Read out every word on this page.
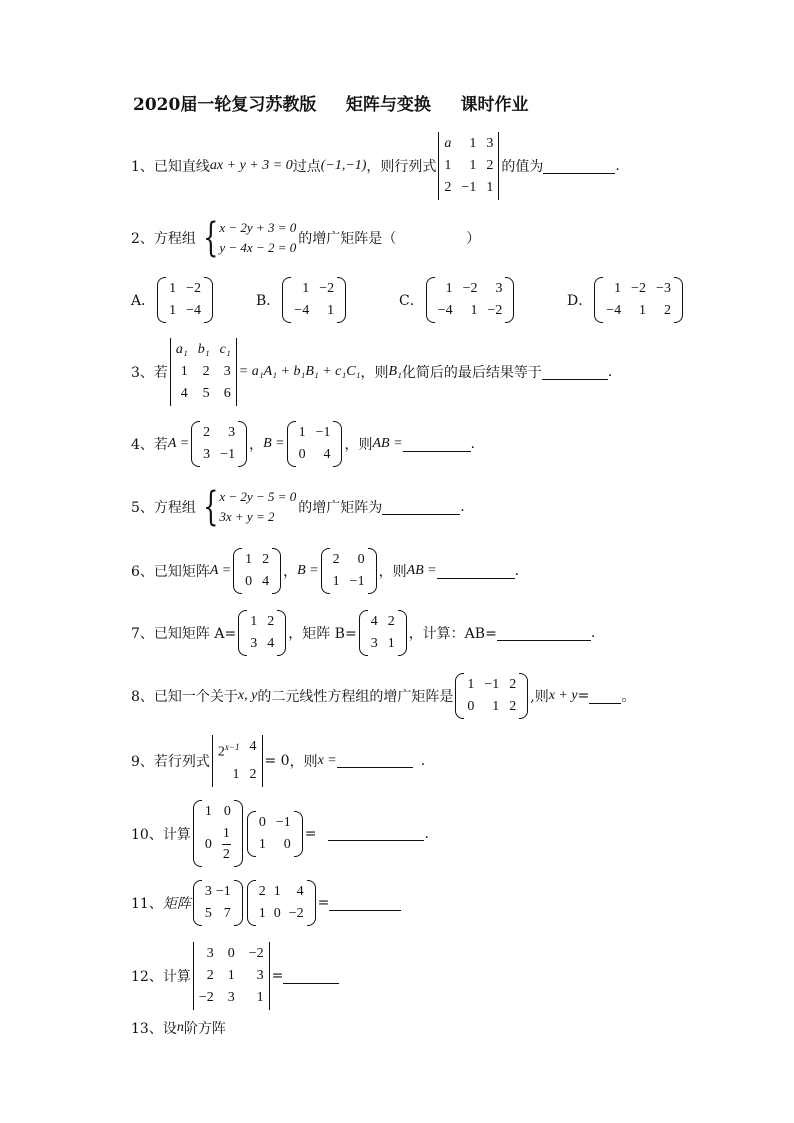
2020届一轮复习苏教版     矩阵与变换     课时作业
1、 已知直线 ax + y + 3 = 0 过点 (−1,−1) ，则行列式
a	1 3
1	1 2
2 −1 1
的值为	.
2、 方程组 { x − 2y + 3 = 0
y − 4x − 2 = 0
的增广矩阵是（	）
A．
1 −2
1 −4
B．
1 −2
−4	1
C．
1 −2	3
−4	1 −2
D．
1 −2 −3
−4	1	2
3、 若
a₁ b₁ c₁
1	2 3
4	5 6
= a₁A₁ + b₁B₁ + c₁C₁ ，则 B₁ 化简后的最后结果等于	.
4、 若 A =
2	3
3 −1
， B =
1 −1
0	4
，则 AB =	.
5、 方程组 { x − 2y − 5 = 0
3x + y = 2
的增广矩阵为	.
6、 已知矩阵 A =
1 2
0 4
， B =
2	0
1 −1
，则 AB =	.
7、 已知矩阵 A=
1 2
3 4
，矩阵 B=
4 2
3 1
，计算：AB=	.
8、 已知一个关于 x, y 的二元线性方程组的增广矩阵是
1 −1 2
0	1 2
,则 x + y = 。
9、 若行列式
$2^{x-1}$ 4
1 2
= 0 ，则 x =	.
10、 计算
1 0
$0 \frac{1}{2}$
0 −1
1	0
=	.
11、 矩阵
3 −1
5 7
2 1	4
1 0 −2
=
12、 计算
3 0 −2
2 1	3
−2 3	1
=
13、 设 n 阶方阵
